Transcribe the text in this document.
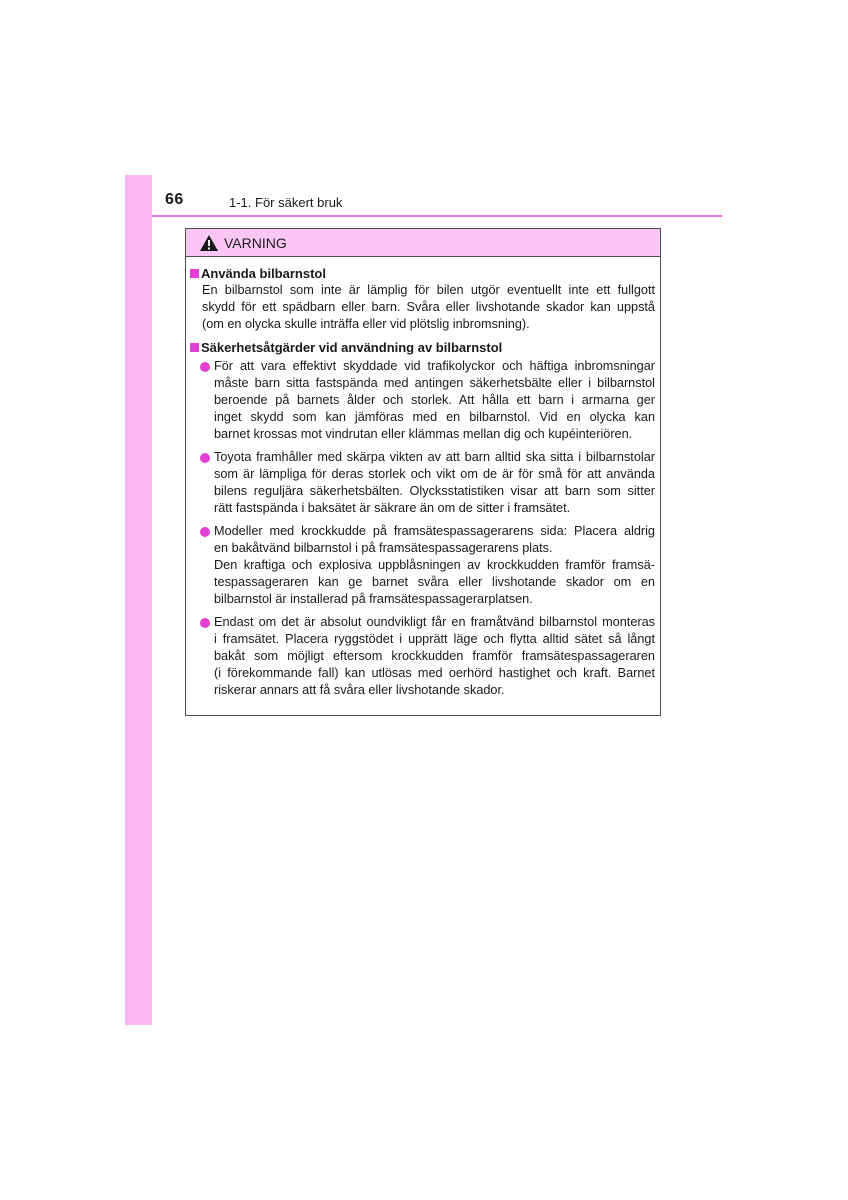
66	1-1. För säkert bruk
VARNING
Använda bilbarnstol
En bilbarnstol som inte är lämplig för bilen utgör eventuellt inte ett fullgott
skydd för ett spädbarn eller barn. Svåra eller livshotande skador kan uppstå
(om en olycka skulle inträffa eller vid plötslig inbromsning).
Säkerhetsåtgärder vid användning av bilbarnstol
För att vara effektivt skyddade vid trafikolyckor och häftiga inbromsningar
måste barn sitta fastspända med antingen säkerhetsbälte eller i bilbarnstol
beroende på barnets ålder och storlek. Att hålla ett barn i armarna ger
inget skydd som kan jämföras med en bilbarnstol. Vid en olycka kan
barnet krossas mot vindrutan eller klämmas mellan dig och kupéinteriören.
Toyota framhåller med skärpa vikten av att barn alltid ska sitta i bilbarnstolar
som är lämpliga för deras storlek och vikt om de är för små för att använda
bilens reguljära säkerhetsbälten. Olycksstatistiken visar att barn som sitter
rätt fastspända i baksätet är säkrare än om de sitter i framsätet.
Modeller med krockkudde på framsätespassagerarens sida: Placera aldrig
en bakåtvänd bilbarnstol i på framsätespassagerarens plats.
Den kraftiga och explosiva uppblåsningen av krockkudden framför framsä-
tespassageraren kan ge barnet svåra eller livshotande skador om en
bilbarnstol är installerad på framsätespassagerarplatsen.
Endast om det är absolut oundvikligt får en framåtvänd bilbarnstol monteras
i framsätet. Placera ryggstödet i upprätt läge och flytta alltid sätet så långt
bakåt som möjligt eftersom krockkudden framför framsätespassageraren
(i förekommande fall) kan utlösas med oerhörd hastighet och kraft. Barnet
riskerar annars att få svåra eller livshotande skador.
